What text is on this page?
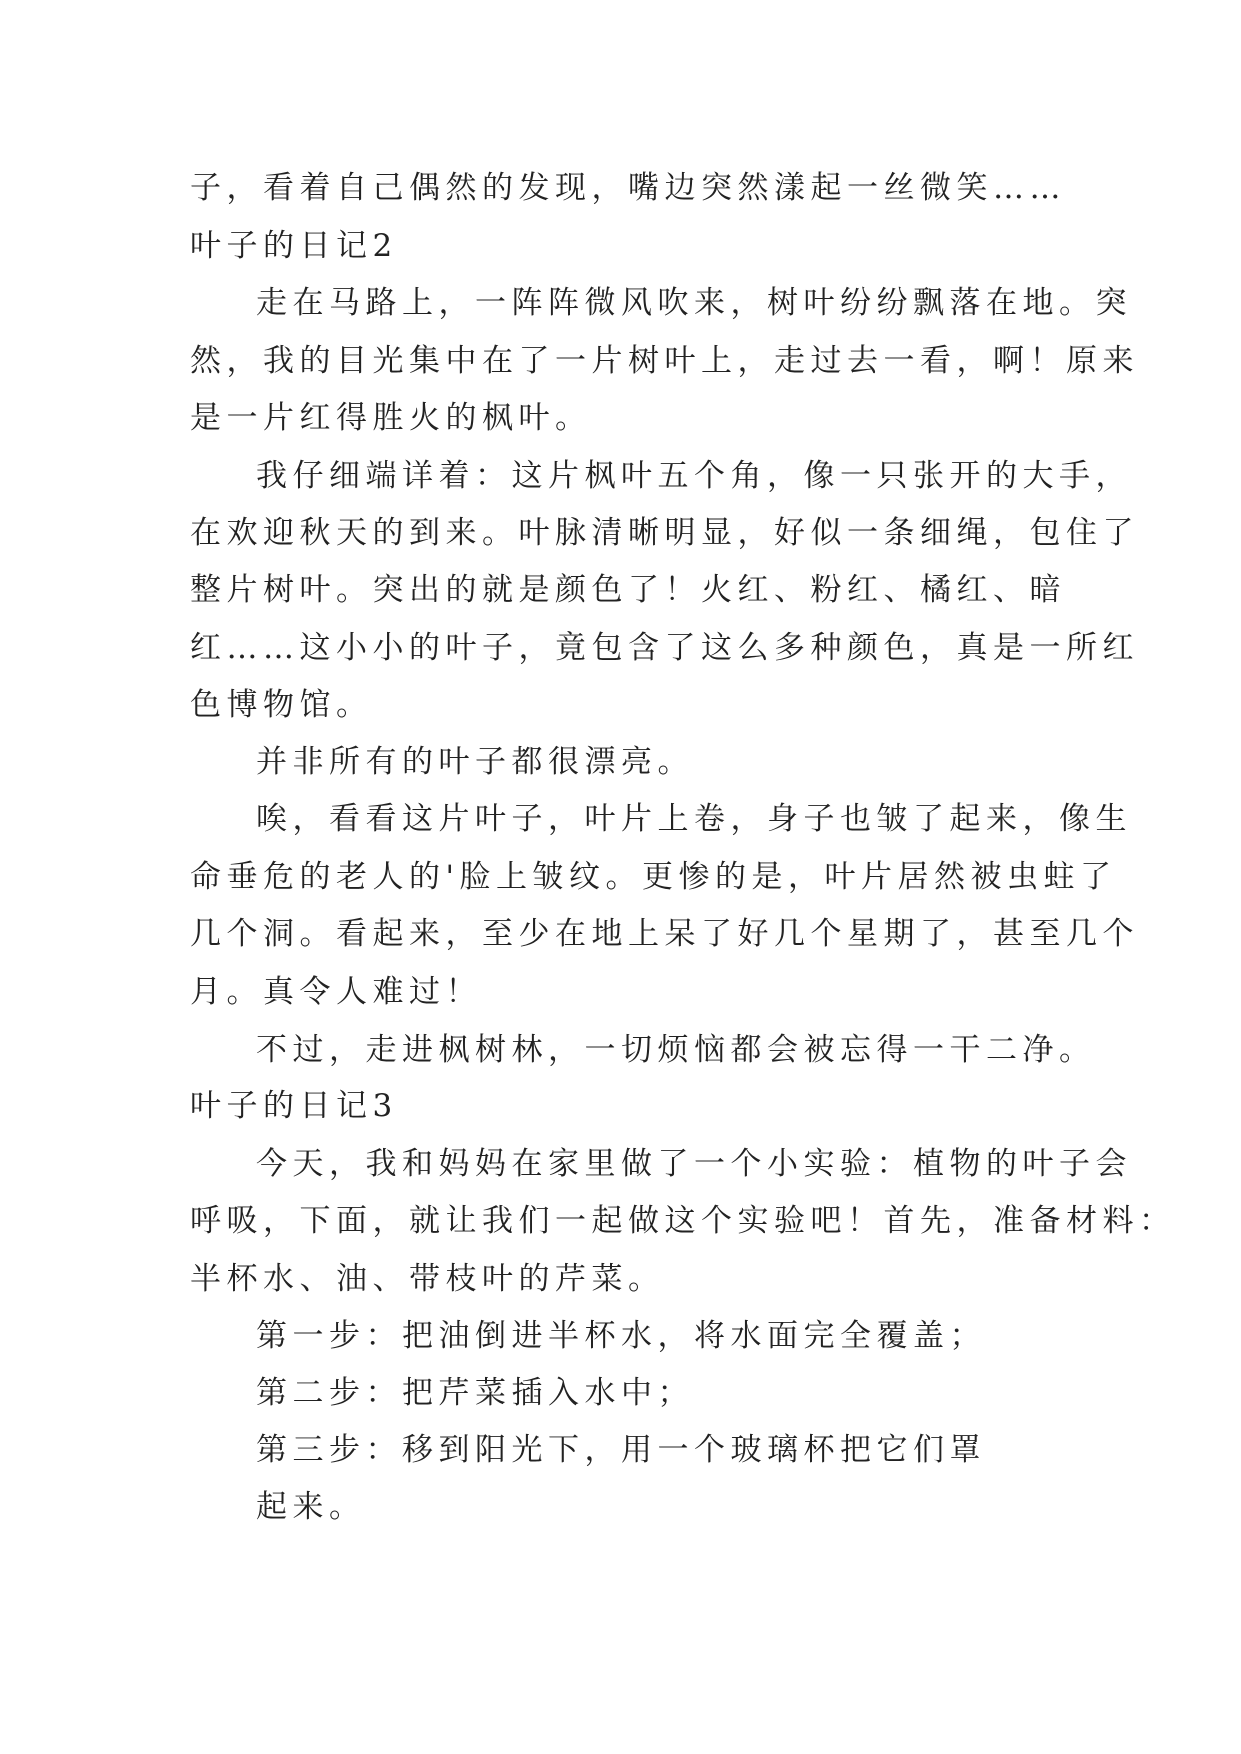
子，看着自己偶然的发现，嘴边突然漾起一丝微笑……
叶子的日记2
走在马路上，一阵阵微风吹来，树叶纷纷飘落在地。突
然，我的目光集中在了一片树叶上，走过去一看，啊！原来
是一片红得胜火的枫叶。
我仔细端详着：这片枫叶五个角，像一只张开的大手，
在欢迎秋天的到来。叶脉清晰明显，好似一条细绳，包住了
整片树叶。突出的就是颜色了！火红、粉红、橘红、暗
红……这小小的叶子，竟包含了这么多种颜色，真是一所红
色博物馆。
并非所有的叶子都很漂亮。
唉，看看这片叶子，叶片上卷，身子也皱了起来，像生
命垂危的老人的'脸上皱纹。更惨的是，叶片居然被虫蛀了
几个洞。看起来，至少在地上呆了好几个星期了，甚至几个
月。真令人难过！
不过，走进枫树林，一切烦恼都会被忘得一干二净。
叶子的日记3
今天，我和妈妈在家里做了一个小实验：植物的叶子会
呼吸，下面，就让我们一起做这个实验吧！首先，准备材料：
半杯水、油、带枝叶的芹菜。
第一步：把油倒进半杯水，将水面完全覆盖；
第二步：把芹菜插入水中；
第三步：移到阳光下，用一个玻璃杯把它们罩
起来。
